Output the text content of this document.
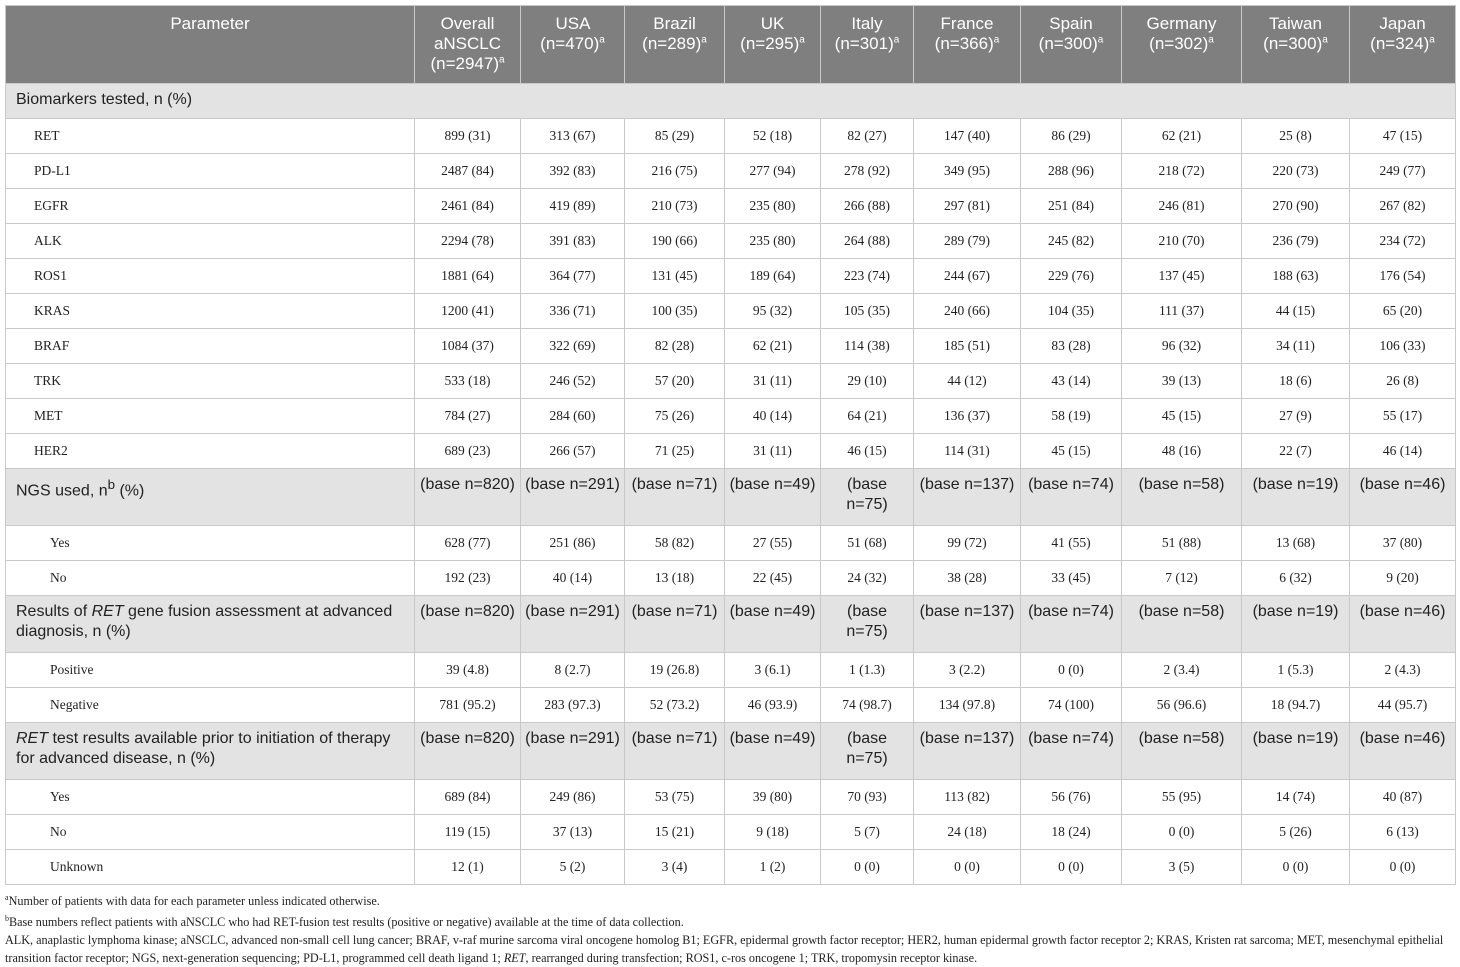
Parameter	Overall aNSCLC (n=2947)$^a$	USA (n=470)$^a$	Brazil (n=289)$^a$	UK (n=295)$^a$	Italy (n=301)$^a$	France (n=366)$^a$	Spain (n=300)$^a$	Germany (n=302)$^a$	Taiwan (n=300)$^a$	Japan (n=324)$^a$
Biomarkers tested, n (%)										
RET	899 (31)	313 (67)	85 (29)	52 (18)	82 (27)	147 (40)	86 (29)	62 (21)	25 (8)	47 (15)
PD-L1	2487 (84)	392 (83)	216 (75)	277 (94)	278 (92)	349 (95)	288 (96)	218 (72)	220 (73)	249 (77)
EGFR	2461 (84)	419 (89)	210 (73)	235 (80)	266 (88)	297 (81)	251 (84)	246 (81)	270 (90)	267 (82)
ALK	2294 (78)	391 (83)	190 (66)	235 (80)	264 (88)	289 (79)	245 (82)	210 (70)	236 (79)	234 (72)
ROS1	1881 (64)	364 (77)	131 (45)	189 (64)	223 (74)	244 (67)	229 (76)	137 (45)	188 (63)	176 (54)
KRAS	1200 (41)	336 (71)	100 (35)	95 (32)	105 (35)	240 (66)	104 (35)	111 (37)	44 (15)	65 (20)
BRAF	1084 (37)	322 (69)	82 (28)	62 (21)	114 (38)	185 (51)	83 (28)	96 (32)	34 (11)	106 (33)
TRK	533 (18)	246 (52)	57 (20)	31 (11)	29 (10)	44 (12)	43 (14)	39 (13)	18 (6)	26 (8)
MET	784 (27)	284 (60)	75 (26)	40 (14)	64 (21)	136 (37)	58 (19)	45 (15)	27 (9)	55 (17)
HER2	689 (23)	266 (57)	71 (25)	31 (11)	46 (15)	114 (31)	45 (15)	48 (16)	22 (7)	46 (14)
NGS used, $n^b$ (%)	(base n=820)	(base n=291)	(base n=71)	(base n=49)	(base n=75)	(base n=137)	(base n=74)	(base n=58)	(base n=19)	(base n=46)
Yes	628 (77)	251 (86)	58 (82)	27 (55)	51 (68)	99 (72)	41 (55)	51 (88)	13 (68)	37 (80)
No	192 (23)	40 (14)	13 (18)	22 (45)	24 (32)	38 (28)	33 (45)	7 (12)	6 (32)	9 (20)
Results of RET gene fusion assessment at advanced diagnosis, n (%)	(base n=820)	(base n=291)	(base n=71)	(base n=49)	(base n=75)	(base n=137)	(base n=74)	(base n=58)	(base n=19)	(base n=46)
Positive	39 (4.8)	8 (2.7)	19 (26.8)	3 (6.1)	1 (1.3)	3 (2.2)	0 (0)	2 (3.4)	1 (5.3)	2 (4.3)
Negative	781 (95.2)	283 (97.3)	52 (73.2)	46 (93.9)	74 (98.7)	134 (97.8)	74 (100)	56 (96.6)	18 (94.7)	44 (95.7)
RET test results available prior to initiation of therapy for advanced disease, n (%)	(base n=820)	(base n=291)	(base n=71)	(base n=49)	(base n=75)	(base n=137)	(base n=74)	(base n=58)	(base n=19)	(base n=46)
Yes	689 (84)	249 (86)	53 (75)	39 (80)	70 (93)	113 (82)	56 (76)	55 (95)	14 (74)	40 (87)
No	119 (15)	37 (13)	15 (21)	9 (18)	5 (7)	24 (18)	18 (24)	0 (0)	5 (26)	6 (13)
Unknown	12 (1)	5 (2)	3 (4)	1 (2)	0 (0)	0 (0)	0 (0)	3 (5)	0 (0)	0 (0)
$^a$Number of patients with data for each parameter unless indicated otherwise.
$^b$Base numbers reflect patients with aNSCLC who had RET-fusion test results (positive or negative) available at the time of data collection.
ALK, anaplastic lymphoma kinase; aNSCLC, advanced non-small cell lung cancer; BRAF, v-raf murine sarcoma viral oncogene homolog B1; EGFR, epidermal growth factor receptor; HER2, human epidermal growth factor receptor 2; KRAS, Kristen rat sarcoma; MET, mesenchymal epithelial transition factor receptor; NGS, next-generation sequencing; PD-L1, programmed cell death ligand 1; RET, rearranged during transfection; ROS1, c-ros oncogene 1; TRK, tropomysin receptor kinase.
